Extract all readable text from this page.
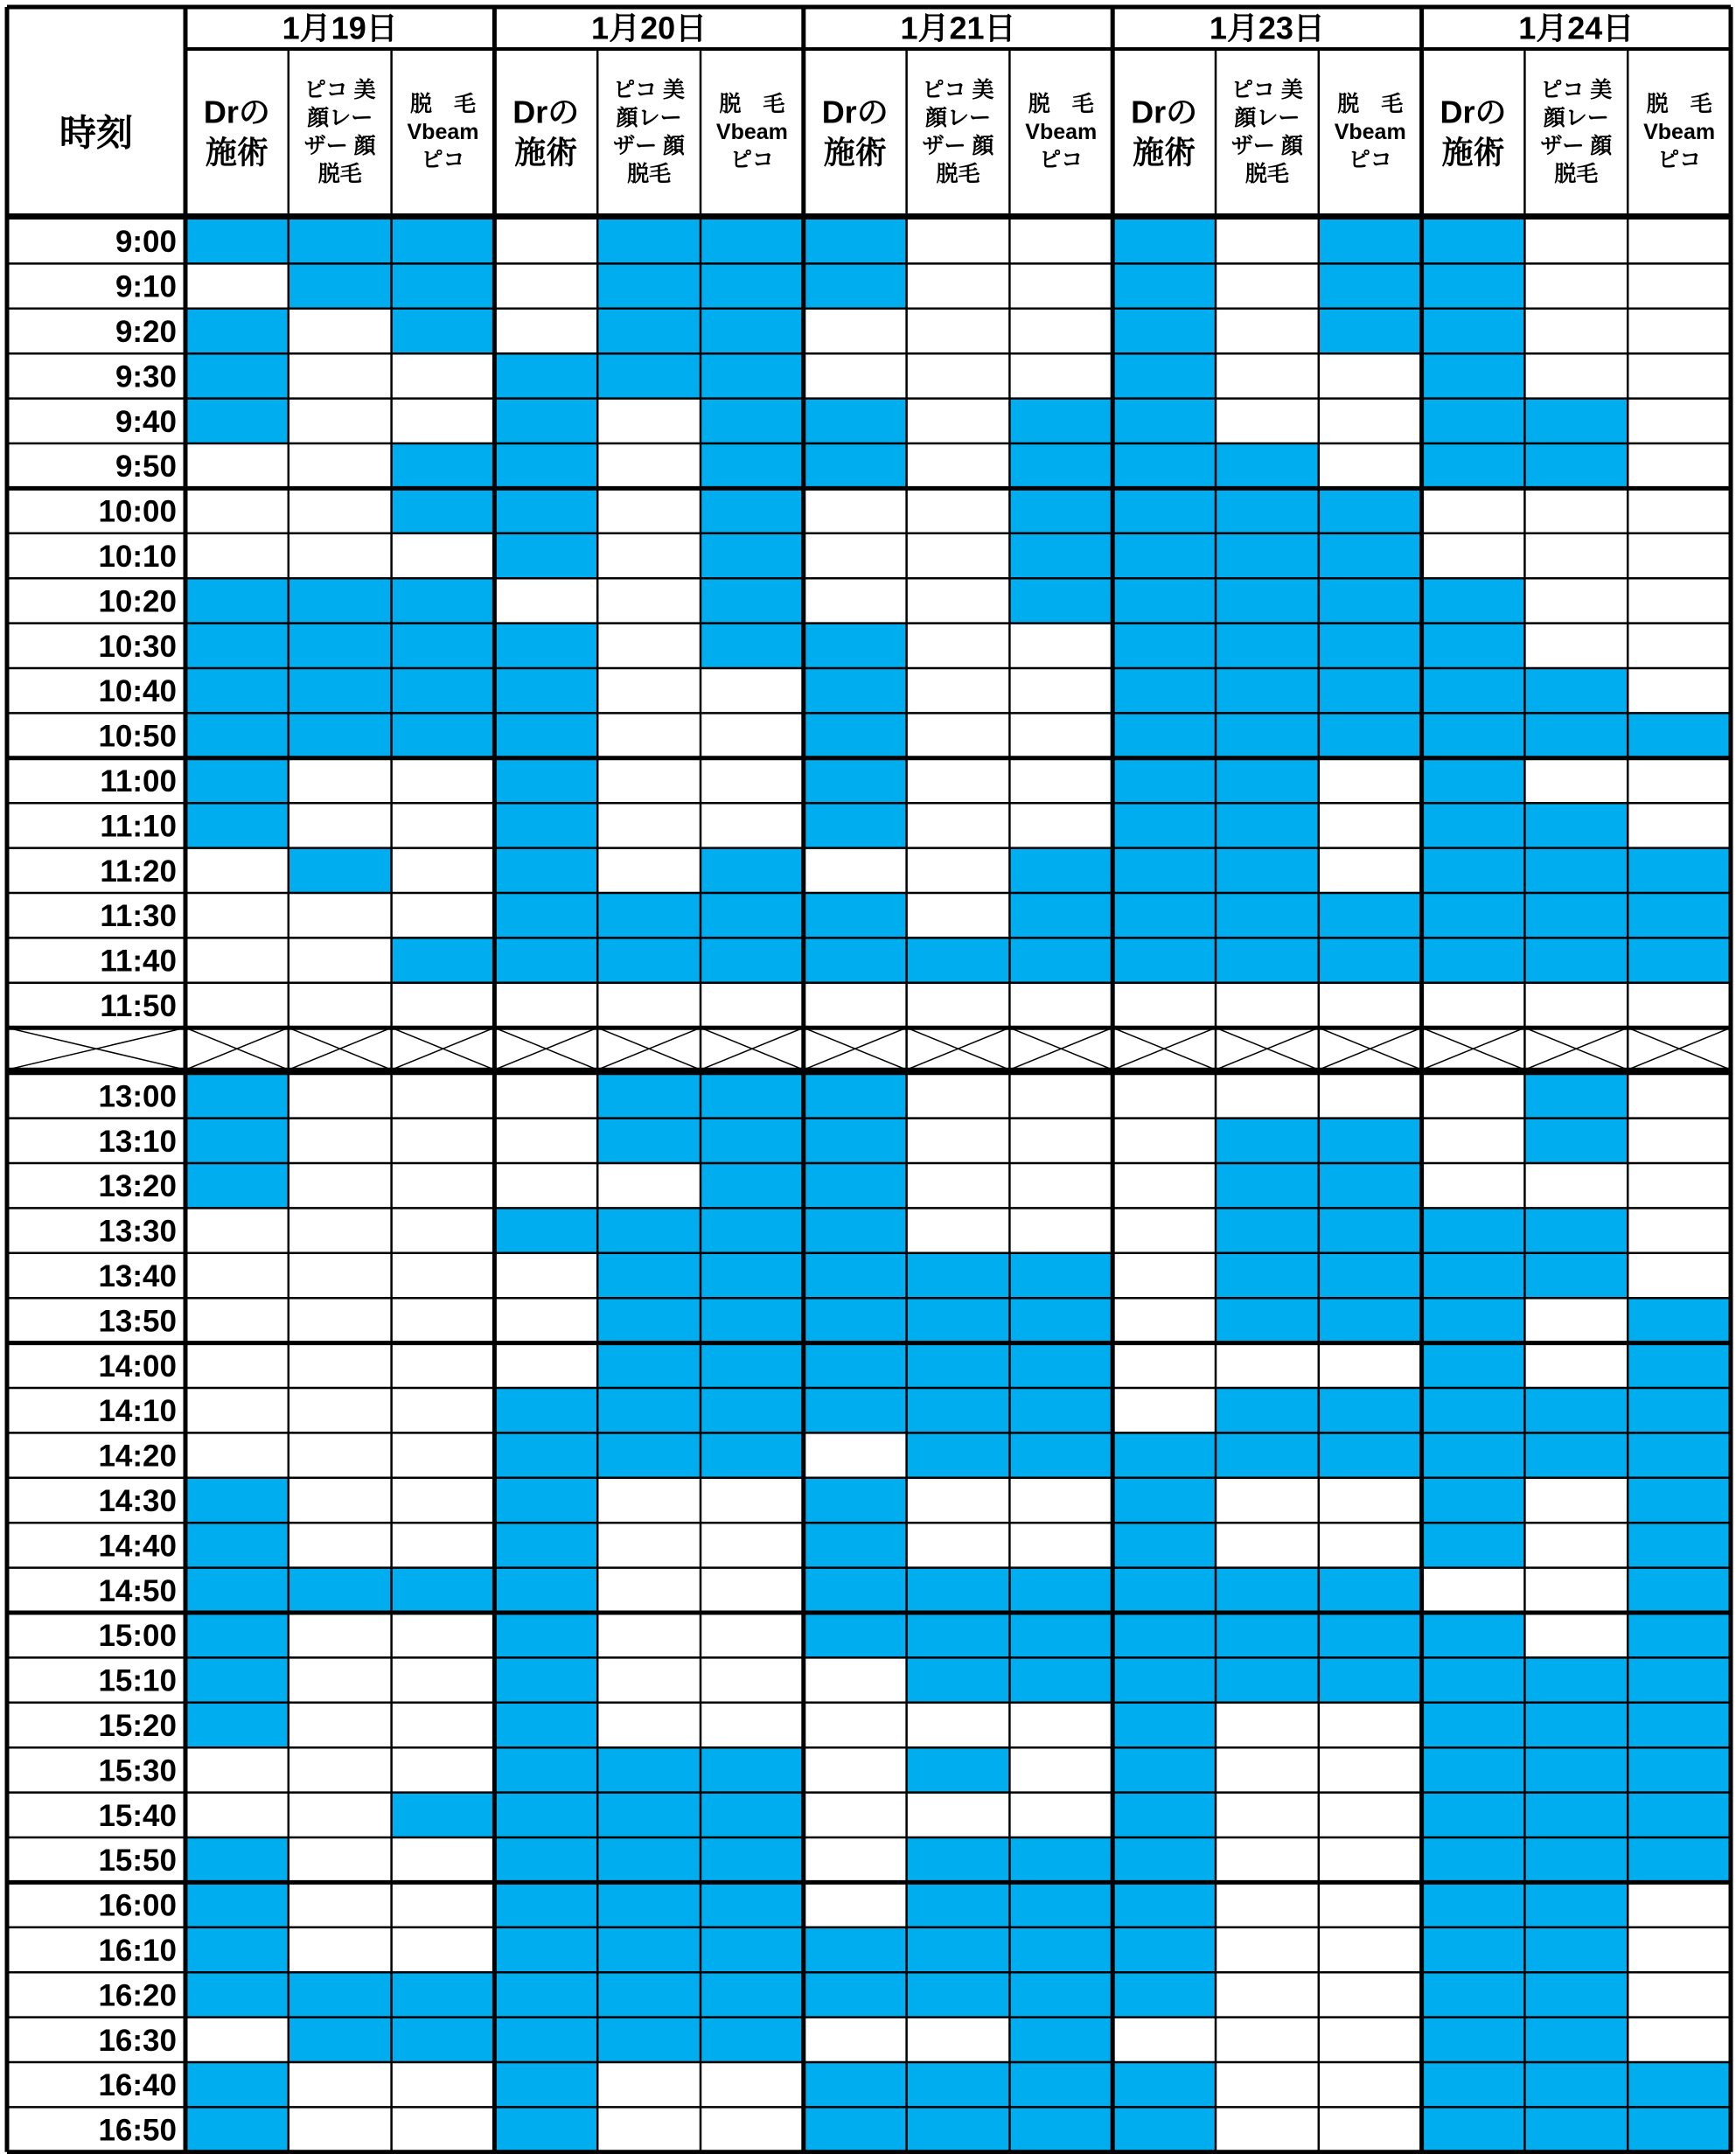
9:00
9:10
9:20
9:30
9:40
9:50
10:00
10:10
10:20
10:30
10:40
10:50
11:00
11:10
11:20
11:30
11:40
11:50
13:00
13:10
13:20
13:30
13:40
13:50
14:00
14:10
14:20
14:30
14:40
14:50
15:00
15:10
15:20
15:30
15:40
15:50
16:00
16:10
16:20
16:30
16:40
16:50
時刻
1月19日
Drの
施術
ピコ 美
顔レー
ザー 顔
脱毛
脱　毛
Vbeam
ピコ
1月20日
Drの
施術
ピコ 美
顔レー
ザー 顔
脱毛
脱　毛
Vbeam
ピコ
1月21日
Drの
施術
ピコ 美
顔レー
ザー 顔
脱毛
脱　毛
Vbeam
ピコ
1月23日
Drの
施術
ピコ 美
顔レー
ザー 顔
脱毛
脱　毛
Vbeam
ピコ
1月24日
Drの
施術
ピコ 美
顔レー
ザー 顔
脱毛
脱　毛
Vbeam
ピコ
